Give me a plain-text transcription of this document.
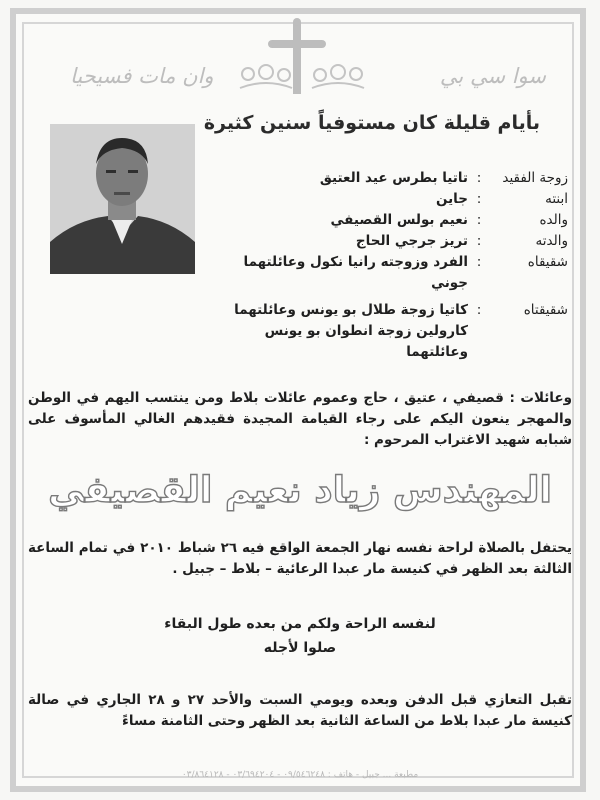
سوا سي بي
وان مات فسيحيا
بأيام قليلة كان مستوفياً سنين كثيرة
زوجة الفقيد
:
تاتيا بطرس عيد العتيق
ابنته
:
جاين
والده
:
نعيم بولس القصيفي
والدته
:
تريز جرجي الحاج
شقيقاه
:
الفرد وزوجته رانيا نكول وعائلتهما
جوني
شقيقتاه
:
كاتيا زوجة طلال بو يونس وعائلتهما
كارولين زوجة انطوان بو يونس وعائلتهما
وعائلات : قصيفي ، عتيق ، حاج وعموم عائلات بلاط ومن ينتسب اليهم في الوطن والمهجر ينعون اليكم على رجاء القيامة المجيدة فقيدهم الغالي المأسوف على شبابه شهيد الاغتراب المرحوم :
المهندس زياد نعيم القصيفي
يحتفل بالصلاة لراحة نفسه نهار الجمعة الواقع فيه ٢٦ شباط ٢٠١٠ في تمام الساعة الثالثة بعد الظهر في كنيسة مار عبدا الرعائية – بلاط – جبيل .
لنفسه الراحة ولكم من بعده طول البقاء
صلوا لأجله
تقبل التعازي قبل الدفن وبعده ويومي السبت والأحد ٢٧ و ٢٨ الجاري في صالة كنيسة مار عبدا بلاط من الساعة الثانية بعد الظهر وحتى الثامنة مساءً
مطبعة ... جبيل - هاتف : ٠٩/٥٤٦٢٤٨ - ٠٣/٦٩٤٢٠٤ - ٠٣/٨٦٤١٢٨
